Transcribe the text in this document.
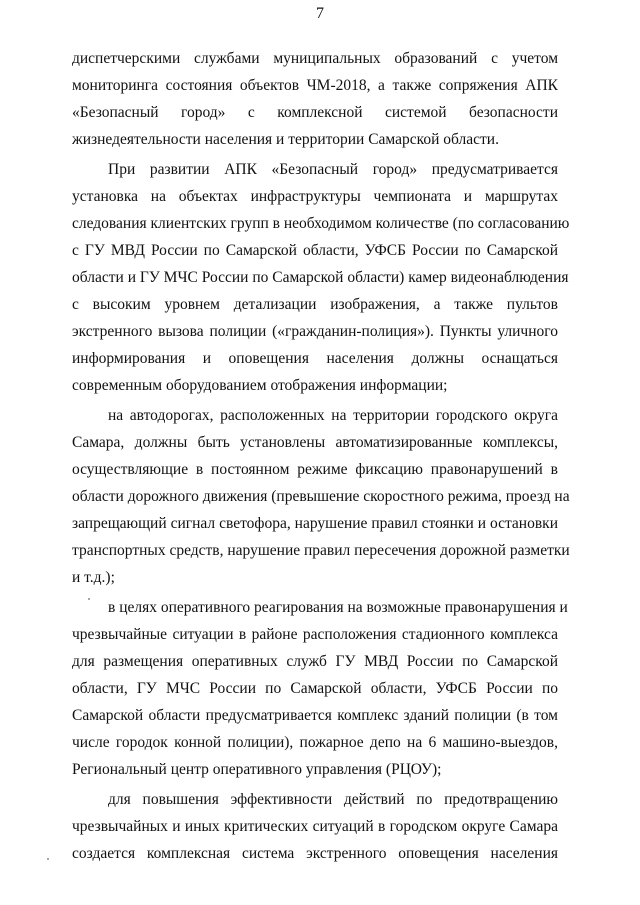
7
диспетчерскими службами муниципальных образований с учетом
мониторинга состояния объектов ЧМ-2018, а также сопряжения АПК
«Безопасный город» с комплексной системой безопасности
жизнедеятельности населения и территории Самарской области.
При развитии АПК «Безопасный город» предусматривается
установка на объектах инфраструктуры чемпионата и маршрутах
следования клиентских групп в необходимом количестве (по согласованию
с ГУ МВД России по Самарской области, УФСБ России по Самарской
области и ГУ МЧС России по Самарской области) камер видеонаблюдения
с высоким уровнем детализации изображения, а также пультов
экстренного вызова полиции («гражданин-полиция»). Пункты уличного
информирования и оповещения населения должны оснащаться
современным оборудованием отображения информации;
на автодорогах, расположенных на территории городского округа
Самара, должны быть установлены автоматизированные комплексы,
осуществляющие в постоянном режиме фиксацию правонарушений в
области дорожного движения (превышение скоростного режима, проезд на
запрещающий сигнал светофора, нарушение правил стоянки и остановки
транспортных средств, нарушение правил пересечения дорожной разметки
и т.д.);
в целях оперативного реагирования на возможные правонарушения и
чрезвычайные ситуации в районе расположения стадионного комплекса
для размещения оперативных служб ГУ МВД России по Самарской
области, ГУ МЧС России по Самарской области, УФСБ России по
Самарской области предусматривается комплекс зданий полиции (в том
числе городок конной полиции), пожарное депо на 6 машино-выездов,
Региональный центр оперативного управления (РЦОУ);
для повышения эффективности действий по предотвращению
чрезвычайных и иных критических ситуаций в городском округе Самара
создается комплексная система экстренного оповещения населения
